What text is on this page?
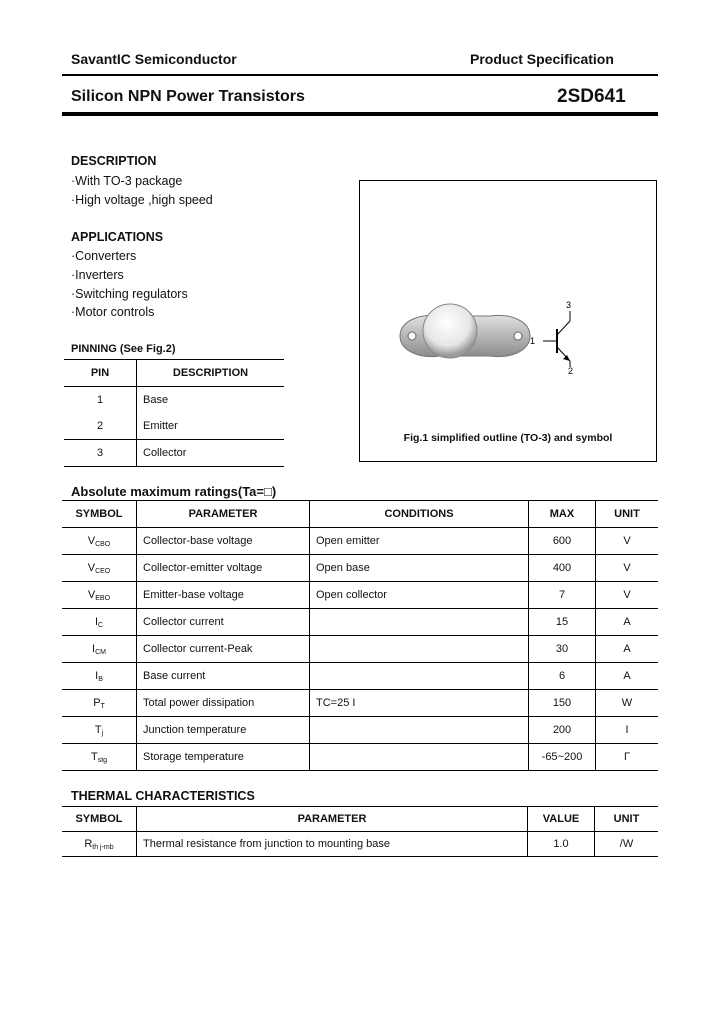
SavantIC Semiconductor	Product Specification
Silicon NPN Power Transistors	2SD641
DESCRIPTION
·With TO-3 package
·High voltage ,high speed
APPLICATIONS
·Converters
·Inverters
·Switching regulators
·Motor controls
PINNING (See Fig.2)
PIN	DESCRIPTION
1	Base
2	Emitter
3	Collector
1
3
2
Fig.1 simplified outline (TO-3) and symbol
Absolute maximum ratings(Ta=□)
SYMBOL	PARAMETER	CONDITIONS	MAX	UNIT
$V_{CBO}$	Collector-base voltage	Open emitter	600	V
$V_{CEO}$	Collector-emitter voltage	Open base	400	V
$V_{EBO}$	Emitter-base voltage	Open collector	7	V
$I_C$	Collector current		15	A
$I_{CM}$	Collector current-Peak		30	A
$I_B$	Base current		6	A
$P_T$	Total power dissipation	TC=25 I	150	W
$T_j$	Junction temperature		200	I
$T_{stg}$	Storage temperature		-65~200	Γ
THERMAL CHARACTERISTICS
SYMBOL	PARAMETER	VALUE	UNIT
$R_{th j-mb}$	Thermal resistance from junction to mounting base	1.0	/W
